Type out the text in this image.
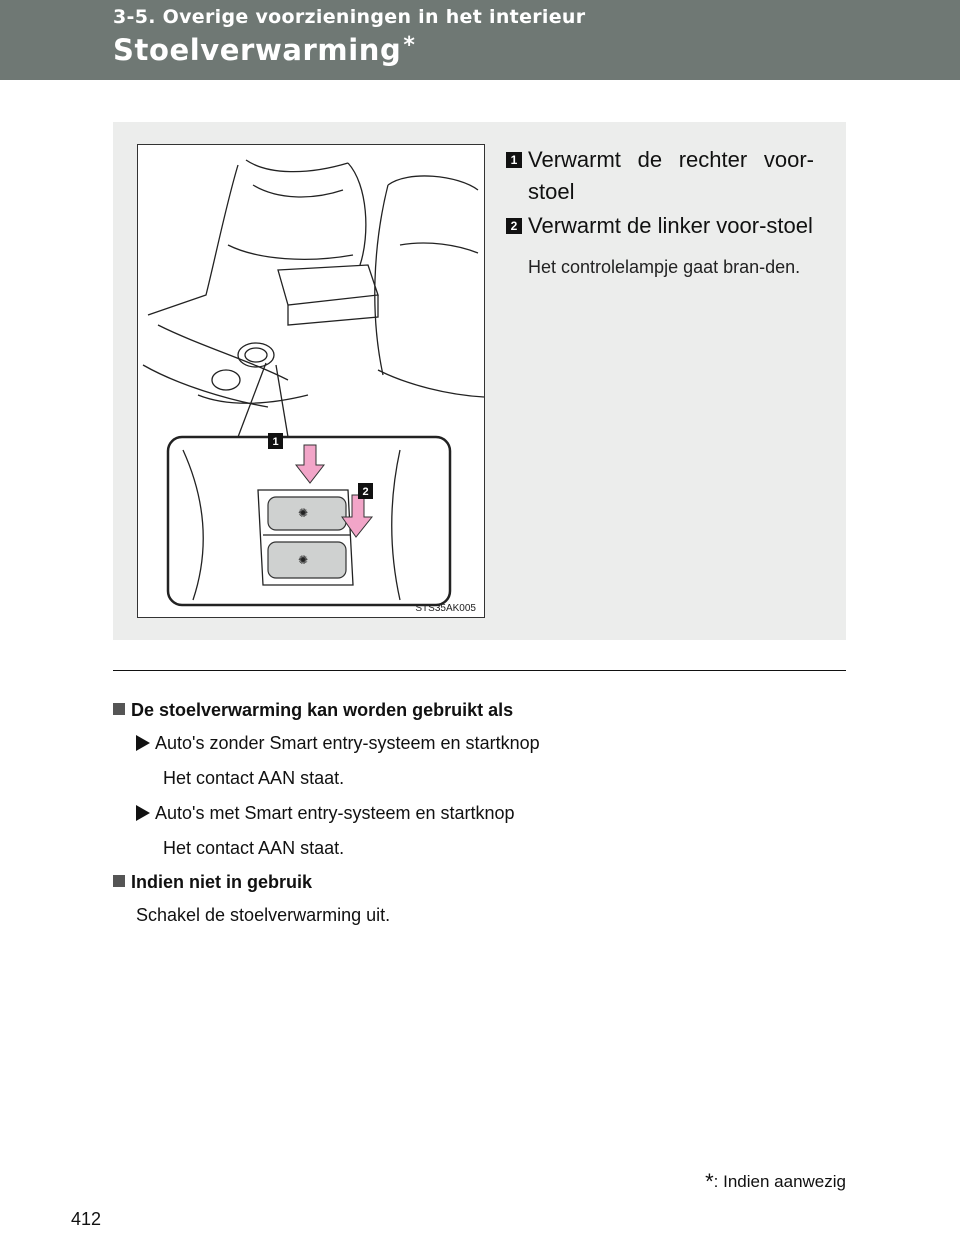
3-5. Overige voorzieningen in het interieur
Stoelverwarming*
✺
✺
1
2
STS35AK005
1 Verwarmt de rechter voor-stoel
2 Verwarmt de linker voor-stoel
Het controlelampje gaat bran-den.
De stoelverwarming kan worden gebruikt als
Auto's zonder Smart entry-systeem en startknop
Het contact AAN staat.
Auto's met Smart entry-systeem en startknop
Het contact AAN staat.
Indien niet in gebruik
Schakel de stoelverwarming uit.
*: Indien aanwezig
412
